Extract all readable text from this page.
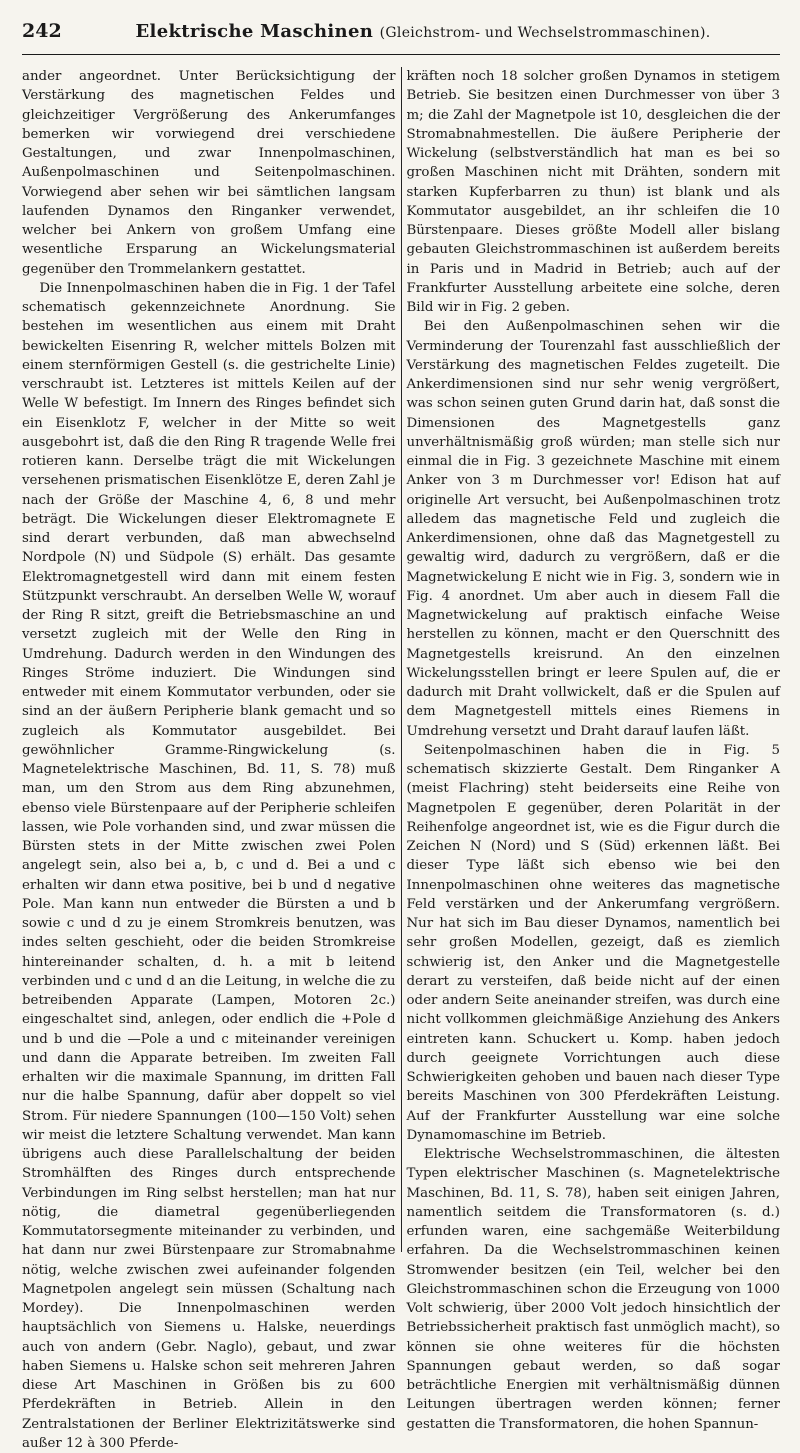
242	Elektrische Maschinen (Gleichstrom- und Wechselstrommaschinen).

ander angeordnet. Unter Berücksichtigung der Verstärkung des magnetischen Feldes und gleichzeitiger Vergrößerung des Ankerumfanges bemerken wir vorwiegend drei verschiedene Gestaltungen, und zwar Innenpolmaschinen, Außenpolmaschinen und Seitenpolmaschinen. Vorwiegend aber sehen wir bei sämtlichen langsam laufenden Dynamos den Ringanker verwendet, welcher bei Ankern von großem Umfang eine wesentliche Ersparung an Wickelungsmaterial gegenüber den Trommelankern gestattet.

Die Innenpolmaschinen haben die in Fig. 1 der Tafel schematisch gekennzeichnete Anordnung. Sie bestehen im wesentlichen aus einem mit Draht bewickelten Eisenring R, welcher mittels Bolzen mit einem sternförmigen Gestell (s. die gestrichelte Linie) verschraubt ist. Letzteres ist mittels Keilen auf der Welle W befestigt. Im Innern des Ringes befindet sich ein Eisenklotz F, welcher in der Mitte so weit ausgebohrt ist, daß die den Ring R tragende Welle frei rotieren kann. Derselbe trägt die mit Wickelungen versehenen prismatischen Eisenklötze E, deren Zahl je nach der Größe der Maschine 4, 6, 8 und mehr beträgt. Die Wickelungen dieser Elektromagnete E sind derart verbunden, daß man abwechselnd Nordpole (N) und Südpole (S) erhält. Das gesamte Elektromagnetgestell wird dann mit einem festen Stützpunkt verschraubt. An derselben Welle W, worauf der Ring R sitzt, greift die Betriebsmaschine an und versetzt zugleich mit der Welle den Ring in Umdrehung. Dadurch werden in den Windungen des Ringes Ströme induziert. Die Windungen sind entweder mit einem Kommutator verbunden, oder sie sind an der äußern Peripherie blank gemacht und so zugleich als Kommutator ausgebildet. Bei gewöhnlicher Gramme-Ringwickelung (s. Magnetelektrische Maschinen, Bd. 11, S. 78) muß man, um den Strom aus dem Ring abzunehmen, ebenso viele Bürstenpaare auf der Peripherie schleifen lassen, wie Pole vorhanden sind, und zwar müssen die Bürsten stets in der Mitte zwischen zwei Polen angelegt sein, also bei a, b, c und d. Bei a und c erhalten wir dann etwa positive, bei b und d negative Pole. Man kann nun entweder die Bürsten a und b sowie c und d zu je einem Stromkreis benutzen, was indes selten geschieht, oder die beiden Stromkreise hintereinander schalten, d. h. a mit b leitend verbinden und c und d an die Leitung, in welche die zu betreibenden Apparate (Lampen, Motoren 2c.) eingeschaltet sind, anlegen, oder endlich die +Pole d und b und die —Pole a und c miteinander vereinigen und dann die Apparate betreiben. Im zweiten Fall erhalten wir die maximale Spannung, im dritten Fall nur die halbe Spannung, dafür aber doppelt so viel Strom. Für niedere Spannungen (100—150 Volt) sehen wir meist die letztere Schaltung verwendet. Man kann übrigens auch diese Parallelschaltung der beiden Stromhälften des Ringes durch entsprechende Verbindungen im Ring selbst herstellen; man hat nur nötig, die diametral gegenüberliegenden Kommutatorsegmente miteinander zu verbinden, und hat dann nur zwei Bürstenpaare zur Stromabnahme nötig, welche zwischen zwei aufeinander folgenden Magnetpolen angelegt sein müssen (Schaltung nach Mordey). Die Innenpolmaschinen werden hauptsächlich von Siemens u. Halske, neuerdings auch von andern (Gebr. Naglo), gebaut, und zwar haben Siemens u. Halske schon seit mehreren Jahren diese Art Maschinen in Größen bis zu 600 Pferdekräften in Betrieb. Allein in den Zentralstationen der Berliner Elektrizitätswerke sind außer 12 à 300 Pferde-

kräften noch 18 solcher großen Dynamos in stetigem Betrieb. Sie besitzen einen Durchmesser von über 3 m; die Zahl der Magnetpole ist 10, desgleichen die der Stromabnahmestellen. Die äußere Peripherie der Wickelung (selbstverständlich hat man es bei so großen Maschinen nicht mit Drähten, sondern mit starken Kupferbarren zu thun) ist blank und als Kommutator ausgebildet, an ihr schleifen die 10 Bürstenpaare. Dieses größte Modell aller bislang gebauten Gleichstrommaschinen ist außerdem bereits in Paris und in Madrid in Betrieb; auch auf der Frankfurter Ausstellung arbeitete eine solche, deren Bild wir in Fig. 2 geben.

Bei den Außenpolmaschinen sehen wir die Verminderung der Tourenzahl fast ausschließlich der Verstärkung des magnetischen Feldes zugeteilt. Die Ankerdimensionen sind nur sehr wenig vergrößert, was schon seinen guten Grund darin hat, daß sonst die Dimensionen des Magnetgestells ganz unverhältnismäßig groß würden; man stelle sich nur einmal die in Fig. 3 gezeichnete Maschine mit einem Anker von 3 m Durchmesser vor! Edison hat auf originelle Art versucht, bei Außenpolmaschinen trotz alledem das magnetische Feld und zugleich die Ankerdimensionen, ohne daß das Magnetgestell zu gewaltig wird, dadurch zu vergrößern, daß er die Magnetwickelung E nicht wie in Fig. 3, sondern wie in Fig. 4 anordnet. Um aber auch in diesem Fall die Magnetwickelung auf praktisch einfache Weise herstellen zu können, macht er den Querschnitt des Magnetgestells kreisrund. An den einzelnen Wickelungsstellen bringt er leere Spulen auf, die er dadurch mit Draht vollwickelt, daß er die Spulen auf dem Magnetgestell mittels eines Riemens in Umdrehung versetzt und Draht darauf laufen läßt.

Seitenpolmaschinen haben die in Fig. 5 schematisch skizzierte Gestalt. Dem Ringanker A (meist Flachring) steht beiderseits eine Reihe von Magnetpolen E gegenüber, deren Polarität in der Reihenfolge angeordnet ist, wie es die Figur durch die Zeichen N (Nord) und S (Süd) erkennen läßt. Bei dieser Type läßt sich ebenso wie bei den Innenpolmaschinen ohne weiteres das magnetische Feld verstärken und der Ankerumfang vergrößern. Nur hat sich im Bau dieser Dynamos, namentlich bei sehr großen Modellen, gezeigt, daß es ziemlich schwierig ist, den Anker und die Magnetgestelle derart zu versteifen, daß beide nicht auf der einen oder andern Seite aneinander streifen, was durch eine nicht vollkommen gleichmäßige Anziehung des Ankers eintreten kann. Schuckert u. Komp. haben jedoch durch geeignete Vorrichtungen auch diese Schwierigkeiten gehoben und bauen nach dieser Type bereits Maschinen von 300 Pferdekräften Leistung. Auf der Frankfurter Ausstellung war eine solche Dynamomaschine im Betrieb.

Elektrische Wechselstrommaschinen, die ältesten Typen elektrischer Maschinen (s. Magnetelektrische Maschinen, Bd. 11, S. 78), haben seit einigen Jahren, namentlich seitdem die Transformatoren (s. d.) erfunden waren, eine sachgemäße Weiterbildung erfahren. Da die Wechselstrommaschinen keinen Stromwender besitzen (ein Teil, welcher bei den Gleichstrommaschinen schon die Erzeugung von 1000 Volt schwierig, über 2000 Volt jedoch hinsichtlich der Betriebssicherheit praktisch fast unmöglich macht), so können sie ohne weiteres für die höchsten Spannungen gebaut werden, so daß sogar beträchtliche Energien mit verhältnismäßig dünnen Leitungen übertragen werden können; ferner gestatten die Transformatoren, die hohen Spannun-
